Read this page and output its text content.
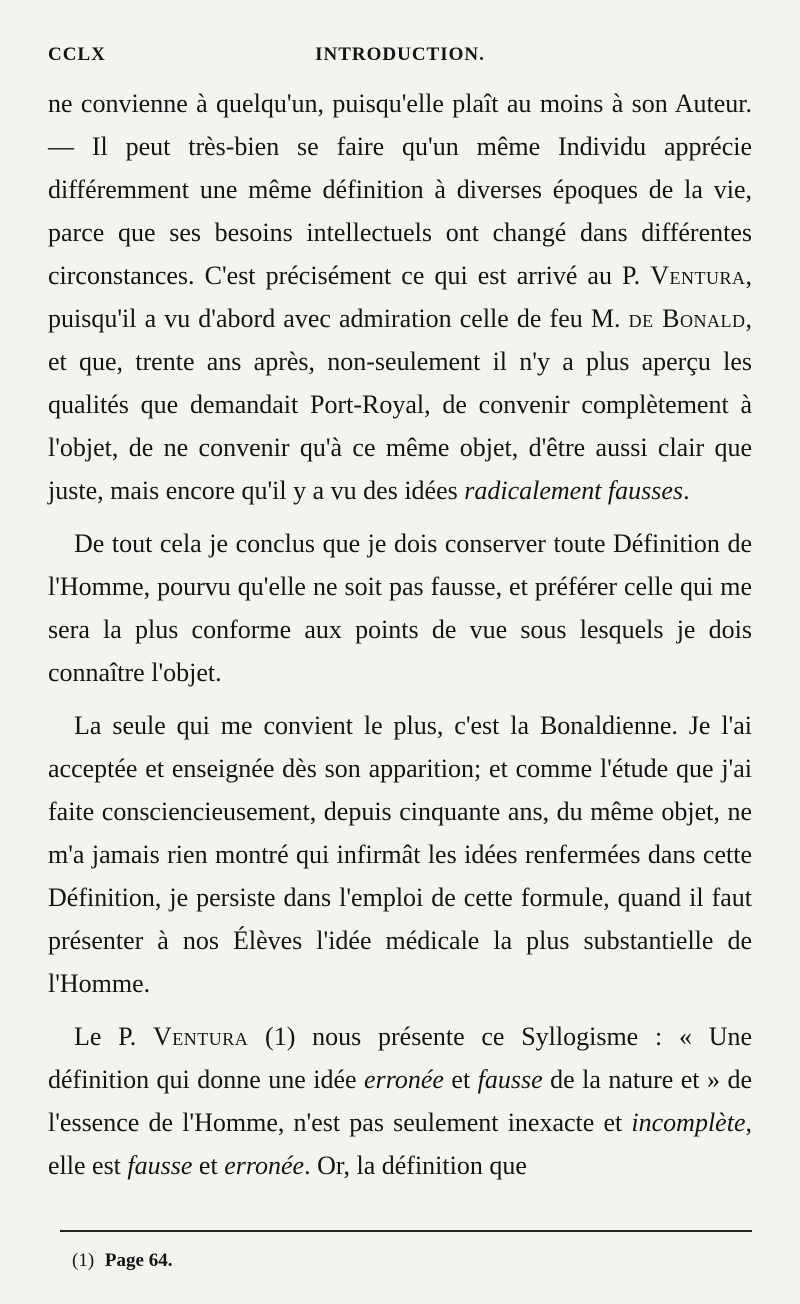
CCLX	INTRODUCTION.

ne convienne à quelqu'un, puisqu'elle plaît au moins à son Auteur. — Il peut très-bien se faire qu'un même Individu apprécie différemment une même définition à diverses époques de la vie, parce que ses besoins intellectuels ont changé dans différentes circonstances. C'est précisément ce qui est arrivé au P. Ventura, puisqu'il a vu d'abord avec admiration celle de feu M. de Bonald, et que, trente ans après, non-seulement il n'y a plus aperçu les qualités que demandait Port-Royal, de convenir complètement à l'objet, de ne convenir qu'à ce même objet, d'être aussi clair que juste, mais encore qu'il y a vu des idées radicalement fausses.

De tout cela je conclus que je dois conserver toute Définition de l'Homme, pourvu qu'elle ne soit pas fausse, et préférer celle qui me sera la plus conforme aux points de vue sous lesquels je dois connaître l'objet.

La seule qui me convient le plus, c'est la Bonaldienne. Je l'ai acceptée et enseignée dès son apparition; et comme l'étude que j'ai faite consciencieusement, depuis cinquante ans, du même objet, ne m'a jamais rien montré qui infirmât les idées renfermées dans cette Définition, je persiste dans l'emploi de cette formule, quand il faut présenter à nos Élèves l'idée médicale la plus substantielle de l'Homme.

Le P. Ventura (1) nous présente ce Syllogisme : « Une définition qui donne une idée erronée et fausse de la nature et » de l'essence de l'Homme, n'est pas seulement inexacte et incomplète, elle est fausse et erronée. Or, la définition que

(1) Page 64.
